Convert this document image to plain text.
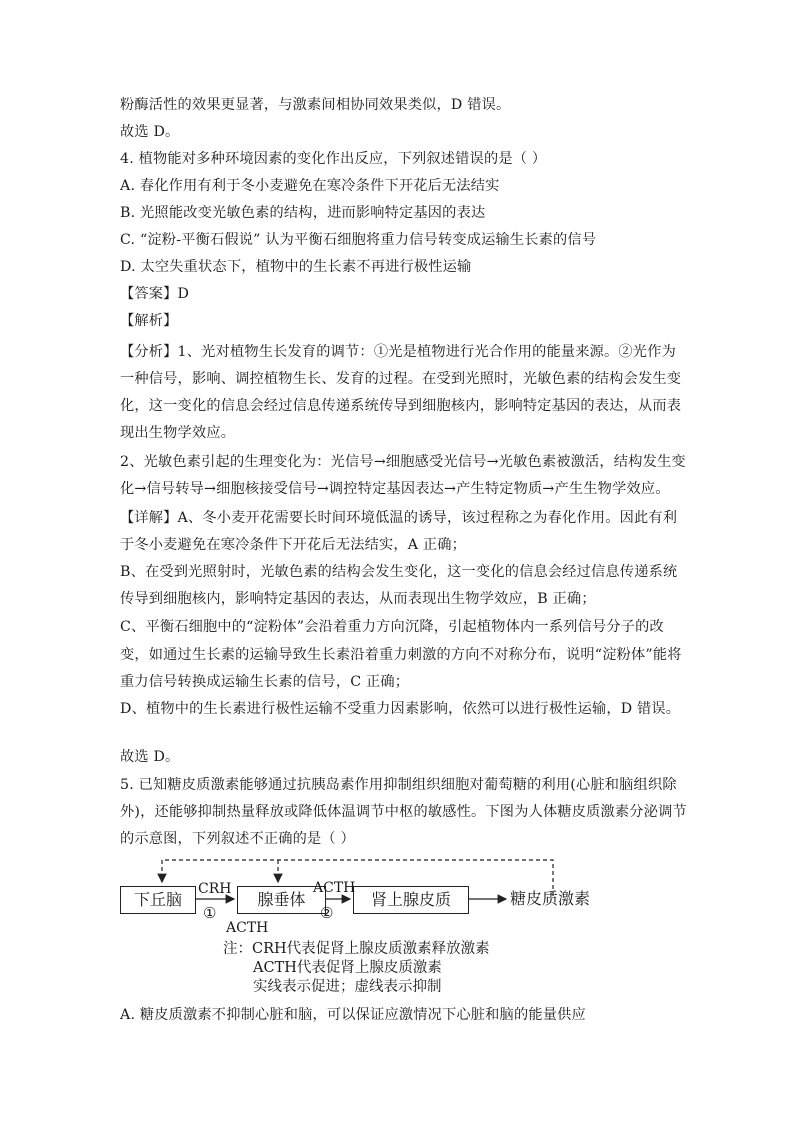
粉酶活性的效果更显著，与激素间相协同效果类似，D 错误。
故选 D。
4. 植物能对多种环境因素的变化作出反应，下列叙述错误的是（ ）
A. 春化作用有利于冬小麦避免在寒冷条件下开花后无法结实
B. 光照能改变光敏色素的结构，进而影响特定基因的表达
C. “淀粉-平衡石假说” 认为平衡石细胞将重力信号转变成运输生长素的信号
D. 太空失重状态下，植物中的生长素不再进行极性运输
【答案】D
【解析】
【分析】1、光对植物生长发育的调节：①光是植物进行光合作用的能量来源。②光作为
一种信号，影响、调控植物生长、发育的过程。在受到光照时，光敏色素的结构会发生变
化，这一变化的信息会经过信息传递系统传导到细胞核内，影响特定基因的表达，从而表
现出生物学效应。
2、光敏色素引起的生理变化为：光信号→细胞感受光信号→光敏色素被激活，结构发生变
化→信号转导→细胞核接受信号→调控特定基因表达→产生特定物质→产生生物学效应。
【详解】A、冬小麦开花需要长时间环境低温的诱导，该过程称之为春化作用。因此有利
于冬小麦避免在寒冷条件下开花后无法结实，A 正确；
B、在受到光照射时，光敏色素的结构会发生变化，这一变化的信息会经过信息传递系统
传导到细胞核内，影响特定基因的表达，从而表现出生物学效应，B 正确；
C、平衡石细胞中的“淀粉体”会沿着重力方向沉降，引起植物体内一系列信号分子的改
变，如通过生长素的运输导致生长素沿着重力刺激的方向不对称分布，说明“淀粉体”能将
重力信号转换成运输生长素的信号，C 正确；
D、植物中的生长素进行极性运输不受重力因素影响，依然可以进行极性运输，D 错误。
故选 D。
5. 已知糖皮质激素能够通过抗胰岛素作用抑制组织细胞对葡萄糖的利用(心脏和脑组织除
外)，还能够抑制热量释放或降低体温调节中枢的敏感性。下图为人体糖皮质激素分泌调节
的示意图，下列叙述不正确的是（ ）
下丘脑	腺垂体	肾上腺皮质	糖皮质激素
CRH	ACTH
①	②
ACTH
注：CRH代表促肾上腺皮质激素释放激素
ACTH代表促肾上腺皮质激素
实线表示促进；虚线表示抑制
A. 糖皮质激素不抑制心脏和脑，可以保证应激情况下心脏和脑的能量供应
